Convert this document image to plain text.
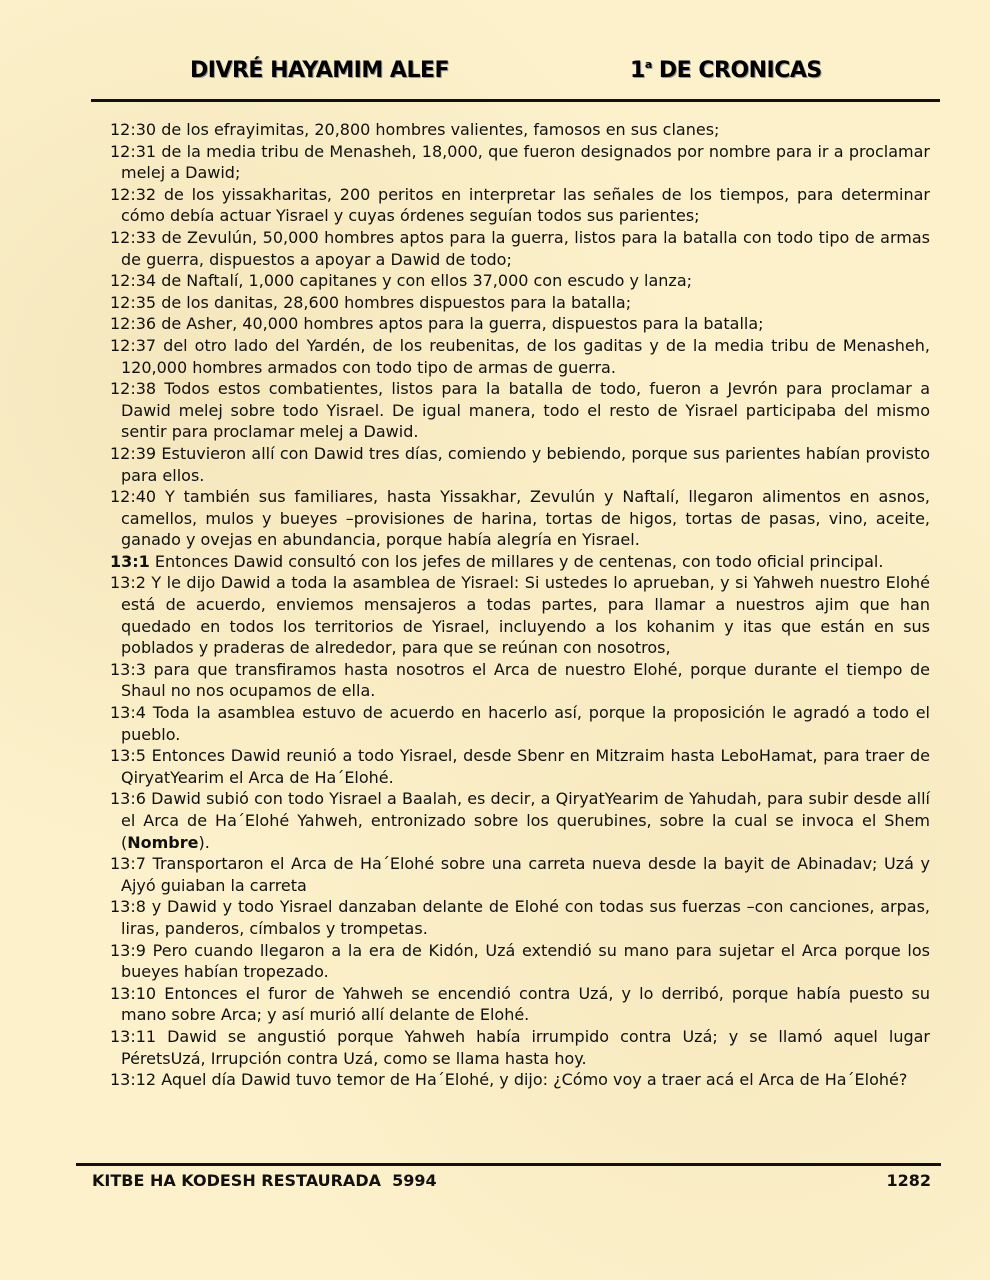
DIVRÉ HAYAMIM ALEF	1$^a$ DE CRONICAS
12:30 de los efrayimitas, 20,800 hombres valientes, famosos en sus clanes;
12:31 de la media tribu de Menasheh, 18,000, que fueron designados por nombre para ir a proclamar melej a Dawid;
12:32 de los yissakharitas, 200 peritos en interpretar las señales de los tiempos, para determinar cómo debía actuar Yisrael y cuyas órdenes seguían todos sus parientes;
12:33 de Zevulún, 50,000 hombres aptos para la guerra, listos para la batalla con todo tipo de armas de guerra, dispuestos a apoyar a Dawid de todo;
12:34 de Naftalí, 1,000 capitanes y con ellos 37,000 con escudo y lanza;
12:35 de los danitas, 28,600 hombres dispuestos para la batalla;
12:36 de Asher, 40,000 hombres aptos para la guerra, dispuestos para la batalla;
12:37 del otro lado del Yardén, de los reubenitas, de los gaditas y de la media tribu de Menasheh, 120,000 hombres armados con todo tipo de armas de guerra.
12:38 Todos estos combatientes, listos para la batalla de todo, fueron a Jevrón para proclamar a Dawid melej sobre todo Yisrael. De igual manera, todo el resto de Yisrael participaba del mismo sentir para proclamar melej a Dawid.
12:39 Estuvieron allí con Dawid tres días, comiendo y bebiendo, porque sus parientes habían provisto para ellos.
12:40 Y también sus familiares, hasta Yissakhar, Zevulún y Naftalí, llegaron alimentos en asnos, camellos, mulos y bueyes –provisiones de harina, tortas de higos, tortas de pasas, vino, aceite, ganado y ovejas en abundancia, porque había alegría en Yisrael.
13:1 Entonces Dawid consultó con los jefes de millares y de centenas, con todo oficial principal.
13:2 Y le dijo Dawid a toda la asamblea de Yisrael: Si ustedes lo aprueban, y si Yahweh nuestro Elohé está de acuerdo, enviemos mensajeros a todas partes, para llamar a nuestros ajim que han quedado en todos los territorios de Yisrael, incluyendo a los kohanim y itas que están en sus poblados y praderas de alrededor, para que se reúnan con nosotros,
13:3 para que transfiramos hasta nosotros el Arca de nuestro Elohé, porque durante el tiempo de Shaul no nos ocupamos de ella.
13:4 Toda la asamblea estuvo de acuerdo en hacerlo así, porque la proposición le agradó a todo el pueblo.
13:5 Entonces Dawid reunió a todo Yisrael, desde Sbenr en Mitzraim hasta LeboHamat, para traer de QiryatYearim el Arca de Ha´Elohé.
13:6 Dawid subió con todo Yisrael a Baalah, es decir, a QiryatYearim de Yahudah, para subir desde allí el Arca de Ha´Elohé Yahweh, entronizado sobre los querubines, sobre la cual se invoca el Shem (Nombre).
13:7 Transportaron el Arca de Ha´Elohé sobre una carreta nueva desde la bayit de Abinadav; Uzá y Ajyó guiaban la carreta
13:8 y Dawid y todo Yisrael danzaban delante de Elohé con todas sus fuerzas –con canciones, arpas, liras, panderos, címbalos y trompetas.
13:9 Pero cuando llegaron a la era de Kidón, Uzá extendió su mano para sujetar el Arca porque los bueyes habían tropezado.
13:10 Entonces el furor de Yahweh se encendió contra Uzá, y lo derribó, porque había puesto su mano sobre Arca; y así murió allí delante de Elohé.
13:11 Dawid se angustió porque Yahweh había irrumpido contra Uzá; y se llamó aquel lugar PéretsUzá, Irrupción contra Uzá, como se llama hasta hoy.
13:12 Aquel día Dawid tuvo temor de Ha´Elohé, y dijo: ¿Cómo voy a traer acá el Arca de Ha´Elohé?
KITBE HA KODESH RESTAURADA  5994	1282
